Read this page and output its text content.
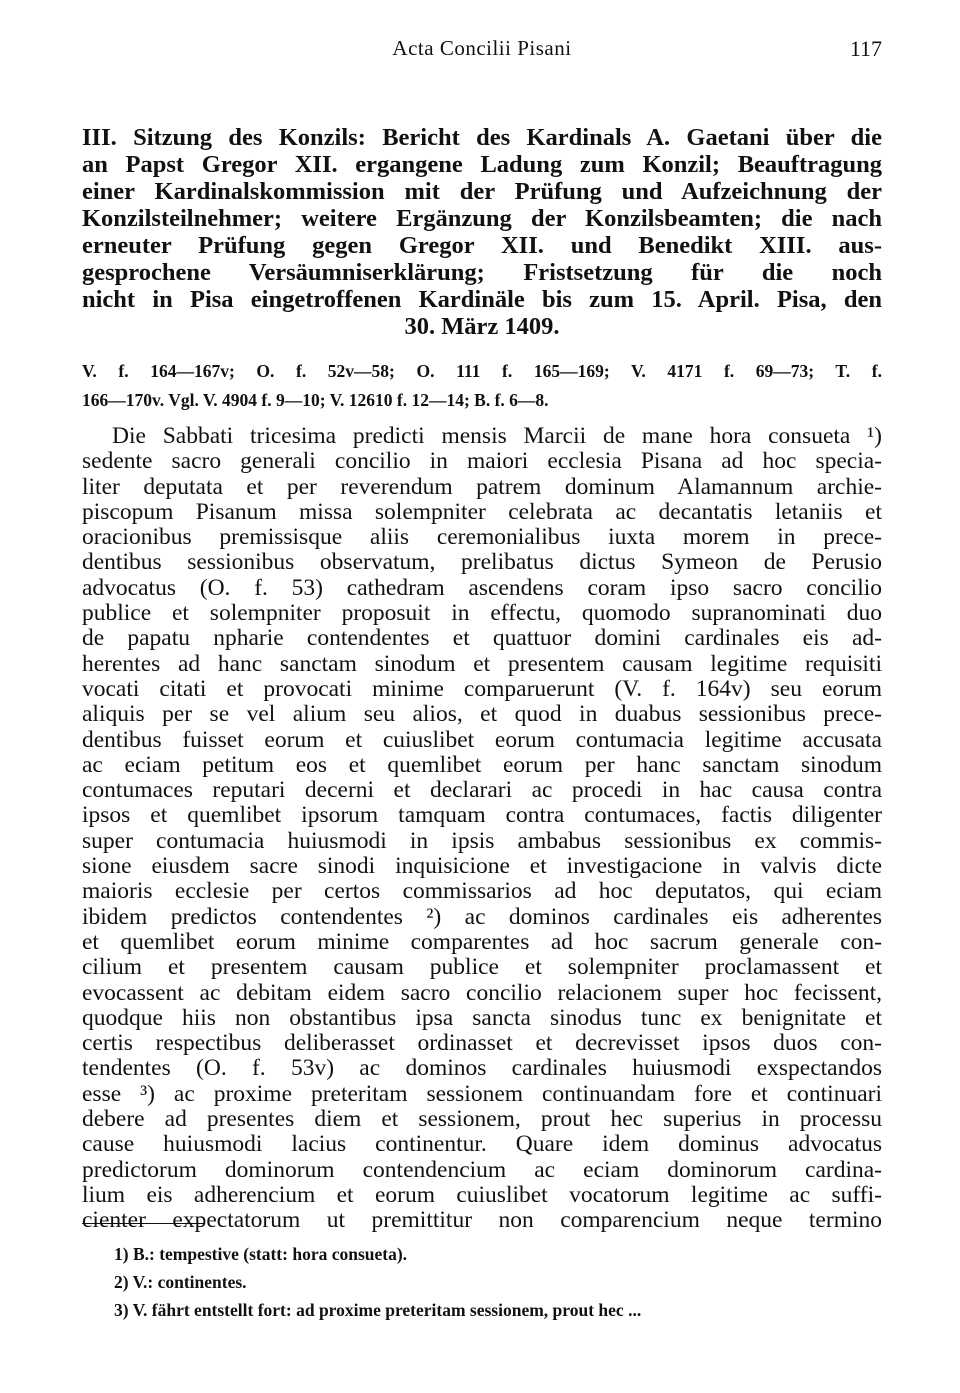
Acta Concilii Pisani	117
III. Sitzung des Konzils: Bericht des Kardinals A. Gaetani über die
an Papst Gregor XII. ergangene Ladung zum Konzil; Beauftragung
einer Kardinalskommission mit der Prüfung und Aufzeichnung der
Konzilsteilnehmer; weitere Ergänzung der Konzilsbeamten; die nach
erneuter Prüfung gegen Gregor XII. und Benedikt XIII. aus-
gesprochene Versäumniserklärung; Fristsetzung für die noch
nicht in Pisa eingetroffenen Kardinäle bis zum 15. April. Pisa, den
30. März 1409.
V. f. 164—167v; O. f. 52v—58; O. 111 f. 165—169; V. 4171 f. 69—73; T. f.
166—170v. Vgl. V. 4904 f. 9—10; V. 12610 f. 12—14; B. f. 6—8.
Die Sabbati tricesima predicti mensis Marcii de mane hora consueta ¹)
sedente sacro generali concilio in maiori ecclesia Pisana ad hoc specia-
liter deputata et per reverendum patrem dominum Alamannum archie-
piscopum Pisanum missa solempniter celebrata ac decantatis letaniis et
oracionibus premissisque aliis ceremonialibus iuxta morem in prece-
dentibus sessionibus observatum, prelibatus dictus Symeon de Perusio
advocatus (O. f. 53) cathedram ascendens coram ipso sacro concilio
publice et solempniter proposuit in effectu, quomodo supranominati duo
de papatu npharie contendentes et quattuor domini cardinales eis ad-
herentes ad hanc sanctam sinodum et presentem causam legitime requisiti
vocati citati et provocati minime comparuerunt (V. f. 164v) seu eorum
aliquis per se vel alium seu alios, et quod in duabus sessionibus prece-
dentibus fuisset eorum et cuiuslibet eorum contumacia legitime accusata
ac eciam petitum eos et quemlibet eorum per hanc sanctam sinodum
contumaces reputari decerni et declarari ac procedi in hac causa contra
ipsos et quemlibet ipsorum tamquam contra contumaces, factis diligenter
super contumacia huiusmodi in ipsis ambabus sessionibus ex commis-
sione eiusdem sacre sinodi inquisicione et investigacione in valvis dicte
maioris ecclesie per certos commissarios ad hoc deputatos, qui eciam
ibidem predictos contendentes ²) ac dominos cardinales eis adherentes
et quemlibet eorum minime comparentes ad hoc sacrum generale con-
cilium et presentem causam publice et solempniter proclamassent et
evocassent ac debitam eidem sacro concilio relacionem super hoc fecissent,
quodque hiis non obstantibus ipsa sancta sinodus tunc ex benignitate et
certis respectibus deliberasset ordinasset et decrevisset ipsos duos con-
tendentes (O. f. 53v) ac dominos cardinales huiusmodi exspectandos
esse ³) ac proxime preteritam sessionem continuandam fore et continuari
debere ad presentes diem et sessionem, prout hec superius in processu
cause huiusmodi lacius continentur. Quare idem dominus advocatus
predictorum dominorum contendencium ac eciam dominorum cardina-
lium eis adherencium et eorum cuiuslibet vocatorum legitime ac suffi-
cienter expectatorum ut premittitur non comparencium neque termino
1) B.: tempestive (statt: hora consueta).
2) V.: continentes.
3) V. fährt entstellt fort: ad proxime preteritam sessionem, prout hec ...
